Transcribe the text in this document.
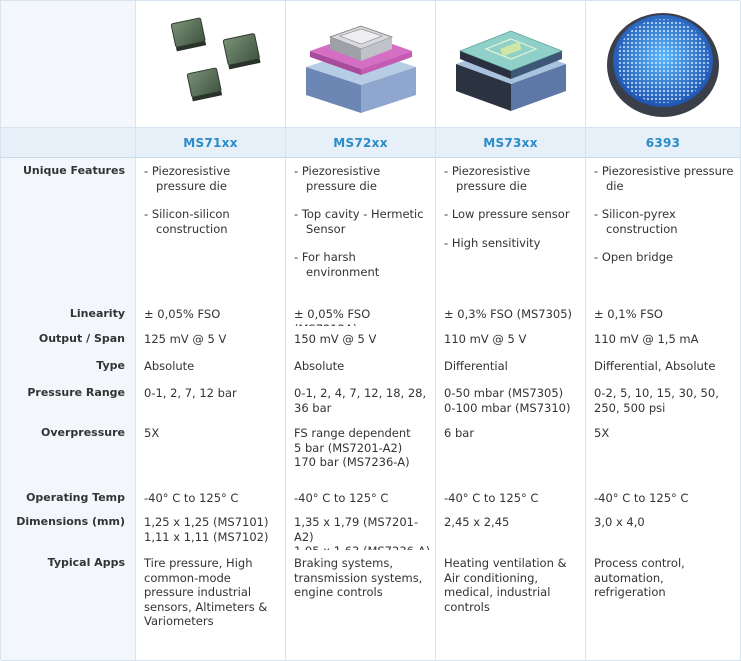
MS71xx	MS72xx	MS73xx	6393
Unique Features
-	Piezoresistive pressure die
- Silicon-silicon construction
- Piezoresistive pressure die
- Top cavity - Hermetic Sensor
- For harsh environment
- Piezoresistive pressure die
- Low pressure sensor
- High sensitivity
- Piezoresistive pressure die
- Silicon-pyrex construction
- Open bridge
Linearity	± 0,05% FSO	± 0,05% FSO	± 0,3% FSO (MS7305)	± 0,1% FSO
Output / Span	125 mV @ 5 V	150 mV @ 5 V	110 mV @ 5 V	110 mV @ 1,5 mA
Type	Absolute	Absolute	Differential	Differential, Absolute
Pressure Range	0-1, 2, 7, 12 bar	0-1, 2, 4, 7, 12, 18, 28, 36 bar
0-50 mbar (MS7305)
0-100 mbar (MS7310)
0-2, 5, 10, 15, 30, 50, 250, 500 psi
Overpressure	5X	FS range dependent
5 bar (MS7201-A2)
170 bar (MS7236-A)
6 bar	5X
Operating Temp	-40° C to 125° C	-40° C to 125° C	-40° C to 125° C	-40° C to 125° C
Dimensions (mm)	1,25 x 1,25 (MS7101)
1,11 x 1,11 (MS7102)
1,35 x 1,79 (MS7201-A2)

2,45 x 2,45	3,0 x 4,0
Typical Apps	Tire pressure, High common-mode pressure industrial sensors, Altimeters & Variometers
Braking systems, transmission systems, engine controls
Heating ventilation & Air conditioning, medical, industrial controls
Process control, automation, refrigeration
